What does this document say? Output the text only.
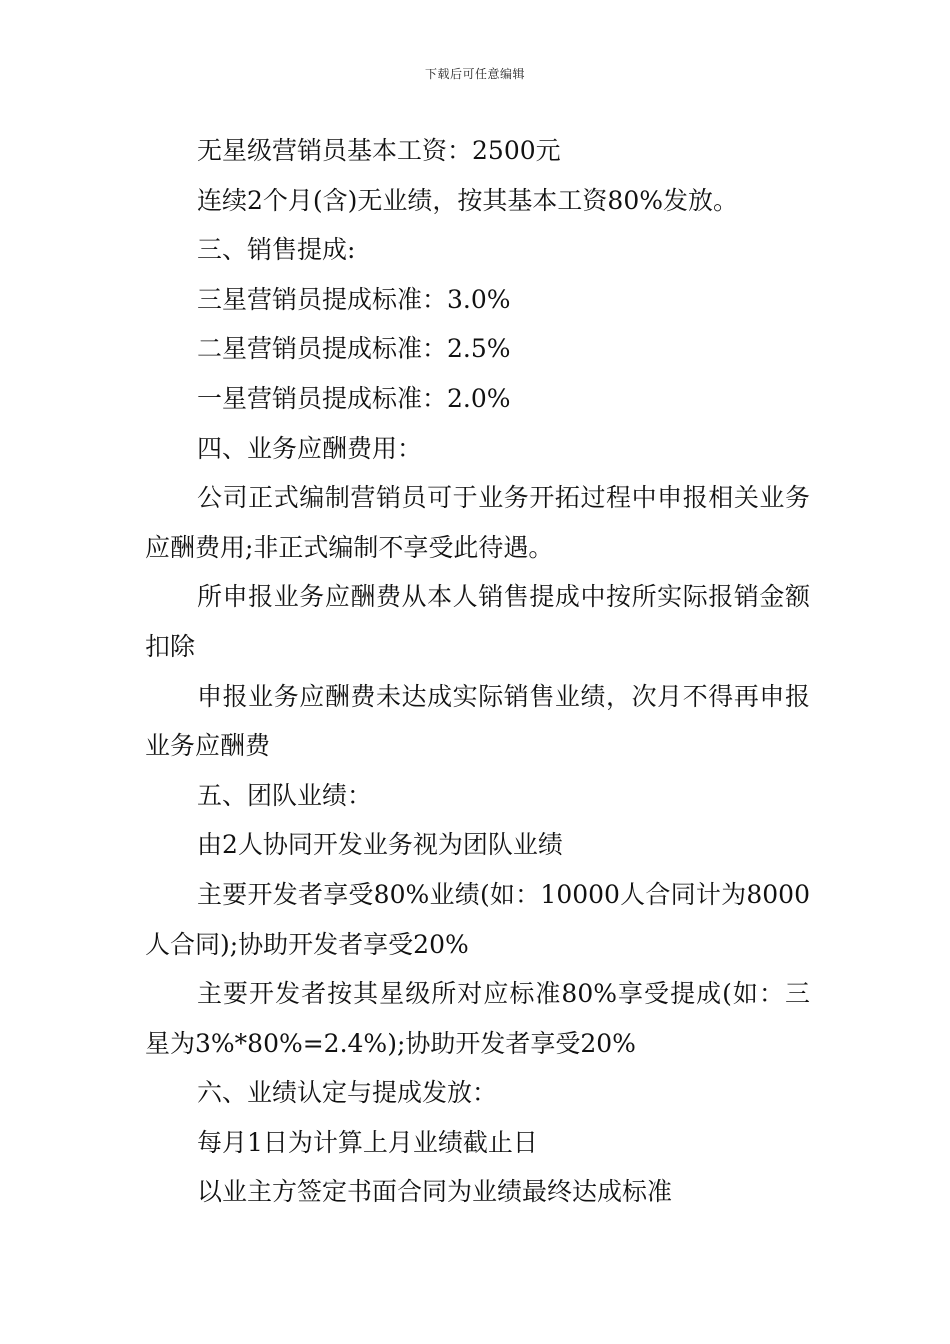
下载后可任意编辑

无星级营销员基本工资：2500元

连续2个月(含)无业绩，按其基本工资80%发放。

三、销售提成:

三星营销员提成标准：3.0%

二星营销员提成标准：2.5%

一星营销员提成标准：2.0%

四、业务应酬费用：

公司正式编制营销员可于业务开拓过程中申报相关业务应酬费用;非正式编制不享受此待遇。

所申报业务应酬费从本人销售提成中按所实际报销金额扣除

申报业务应酬费未达成实际销售业绩，次月不得再申报业务应酬费

五、团队业绩：

由2人协同开发业务视为团队业绩

主要开发者享受80%业绩(如：10000人合同计为8000人合同);协助开发者享受20%

主要开发者按其星级所对应标准80%享受提成(如：三星为3%*80%=2.4%);协助开发者享受20%

六、业绩认定与提成发放：

每月1日为计算上月业绩截止日

以业主方签定书面合同为业绩最终达成标准
